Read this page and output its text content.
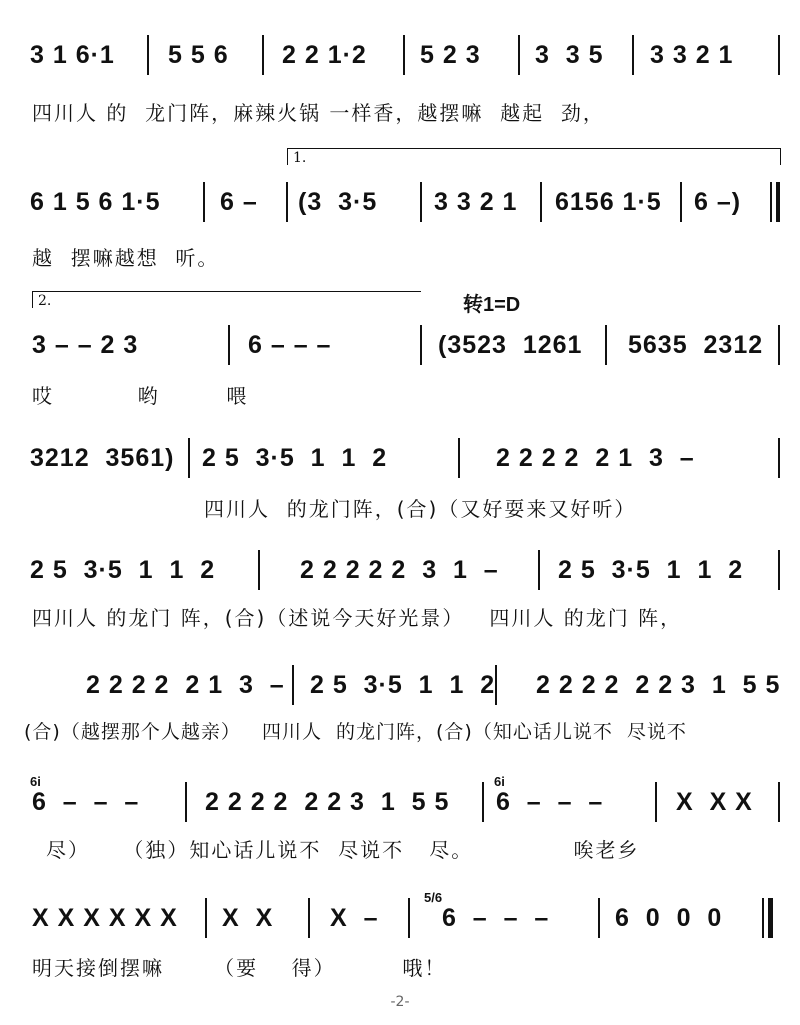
3 1 6·1 5 5 6 2 2 1·2 5 2 3 3  3 5 3 3 2 1

四川人 的  龙门阵，麻辣火锅 一样香，越摆嘛  越起  劲，

1.
6 1 5 6 1·5 6 – (3  3·5 3 3 2 1 6156 1·5 6 –)

越  摆嘛越想  听。

2.	转1=D
3 – – 2 3	6 – – –	(3523  1261 5635  2312

哎          哟        喂

3212  3561) 2 5  3·5  1  1  2	2 2 2 2  2 1  3  –

四川人  的龙门阵，(合)（又好耍来又好听）

2 5  3·5  1  1  2	2 2 2 2 2  3  1  – 2 5  3·5  1  1  2

四川人 的龙门 阵，(合)（述说今天好光景）   四川人 的龙门 阵，

2 2 2 2  2 1  3  – 2 5  3·5  1  1  2 2 2 2 2  2 2 3  1  5 5

(合)（越摆那个人越亲）   四川人  的龙门阵，(合)（知心话儿说不  尽说不

6i	6i
6  –  –  –	2 2 2 2  2 2 3  1  5 5 6  –  –  –	X  X X

尽）    （独）知心话儿说不  尽说不   尽。            唉老乡

5/6
X X X X X X X  X X  –	6  –  –  –	6  0  0  0

明天接倒摆嘛      （要    得）        哦！

-2-
